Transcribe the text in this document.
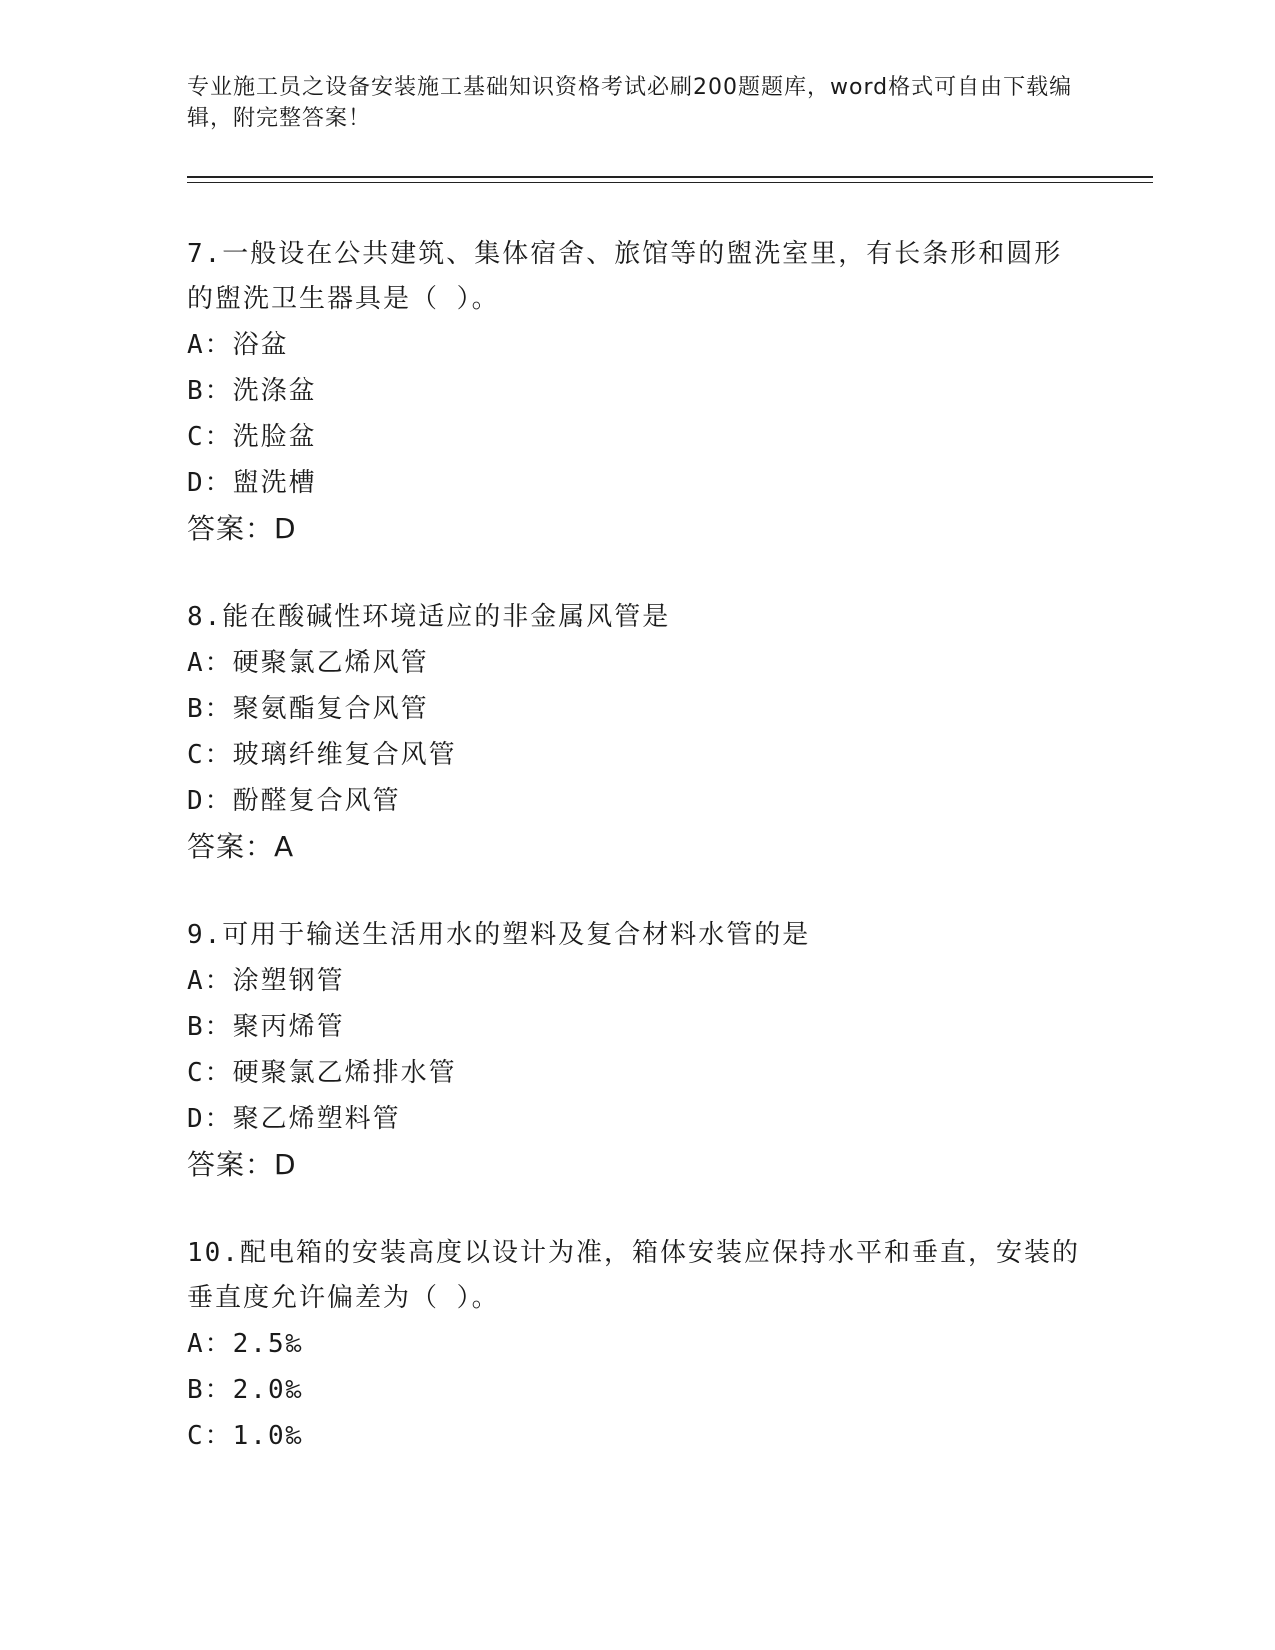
专业施工员之设备安装施工基础知识资格考试必刷200题题库，word格式可自由下载编辑，附完整答案！
7.一般设在公共建筑、集体宿舍、旅馆等的盥洗室里，有长条形和圆形的盥洗卫生器具是（ ）。
A：浴盆
B：洗涤盆
C：洗脸盆
D：盥洗槽
答案：D
8.能在酸碱性环境适应的非金属风管是
A：硬聚氯乙烯风管
B：聚氨酯复合风管
C：玻璃纤维复合风管
D：酚醛复合风管
答案：A
9.可用于输送生活用水的塑料及复合材料水管的是
A：涂塑钢管
B：聚丙烯管
C：硬聚氯乙烯排水管
D：聚乙烯塑料管
答案：D
10.配电箱的安装高度以设计为准，箱体安装应保持水平和垂直，安装的垂直度允许偏差为（ ）。
A：2.5‰
B：2.0‰
C：1.0‰
